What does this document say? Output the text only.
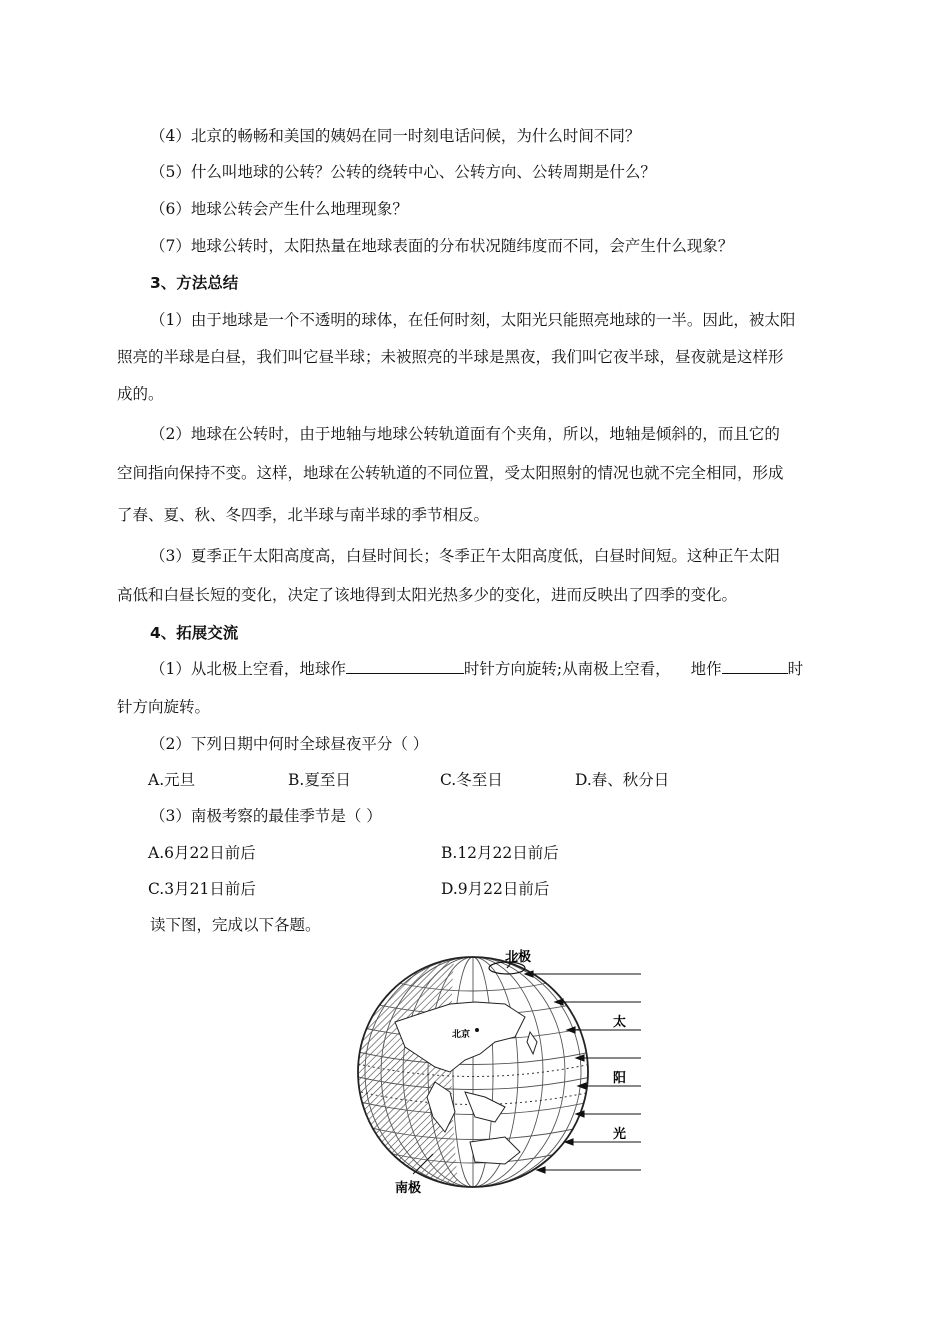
（4）北京的畅畅和美国的姨妈在同一时刻电话问候，为什么时间不同？
（5）什么叫地球的公转？公转的绕转中心、公转方向、公转周期是什么？
（6）地球公转会产生什么地理现象？
（7）地球公转时，太阳热量在地球表面的分布状况随纬度而不同，会产生什么现象？
3、方法总结
（1）由于地球是一个不透明的球体，在任何时刻，太阳光只能照亮地球的一半。因此，被太阳
照亮的半球是白昼，我们叫它昼半球；未被照亮的半球是黑夜，我们叫它夜半球，昼夜就是这样形
成的。
（2）地球在公转时，由于地轴与地球公转轨道面有个夹角，所以，地轴是倾斜的，而且它的
空间指向保持不变。这样，地球在公转轨道的不同位置，受太阳照射的情况也就不完全相同，形成
了春、夏、秋、冬四季，北半球与南半球的季节相反。
（3）夏季正午太阳高度高，白昼时间长；冬季正午太阳高度低，白昼时间短。这种正午太阳
高低和白昼长短的变化，决定了该地得到太阳光热多少的变化，进而反映出了四季的变化。
4、拓展交流
（1）从北极上空看，地球作	时针方向旋转;从南极上空看， 地作	时
针方向旋转。
（2）下列日期中何时全球昼夜平分（ ）
A.元旦	B.夏至日	C.冬至日	D.春、秋分日
（3）南极考察的最佳季节是（ ）
A.6月22日前后	B.12月22日前后
C.3月21日前后	D.9月22日前后
读下图，完成以下各题。
北极
北京
南极
太
阳
光
